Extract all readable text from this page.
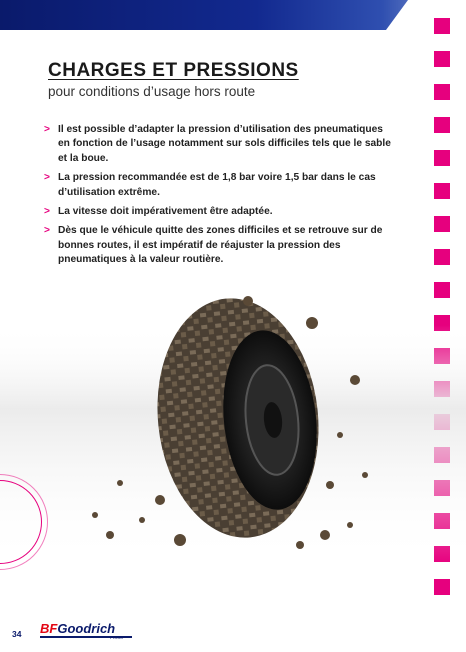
CHARGES ET PRESSIONS

pour conditions d’usage hors route

> Il est possible d’adapter la pression d’utilisation des pneumatiques en fonction de l’usage notamment sur sols difficiles tels que le sable et la boue.
> La pression recommandée est de 1,8 bar voire 1,5 bar dans le cas d’utilisation extrême.
> La vitesse doit impérativement être adaptée.
> Dès que le véhicule quitte des zones difficiles et se retrouve sur de bonnes routes, il est impératif de réajuster la pression des pneumatiques à la valeur routière.
34 BFGoodrich
